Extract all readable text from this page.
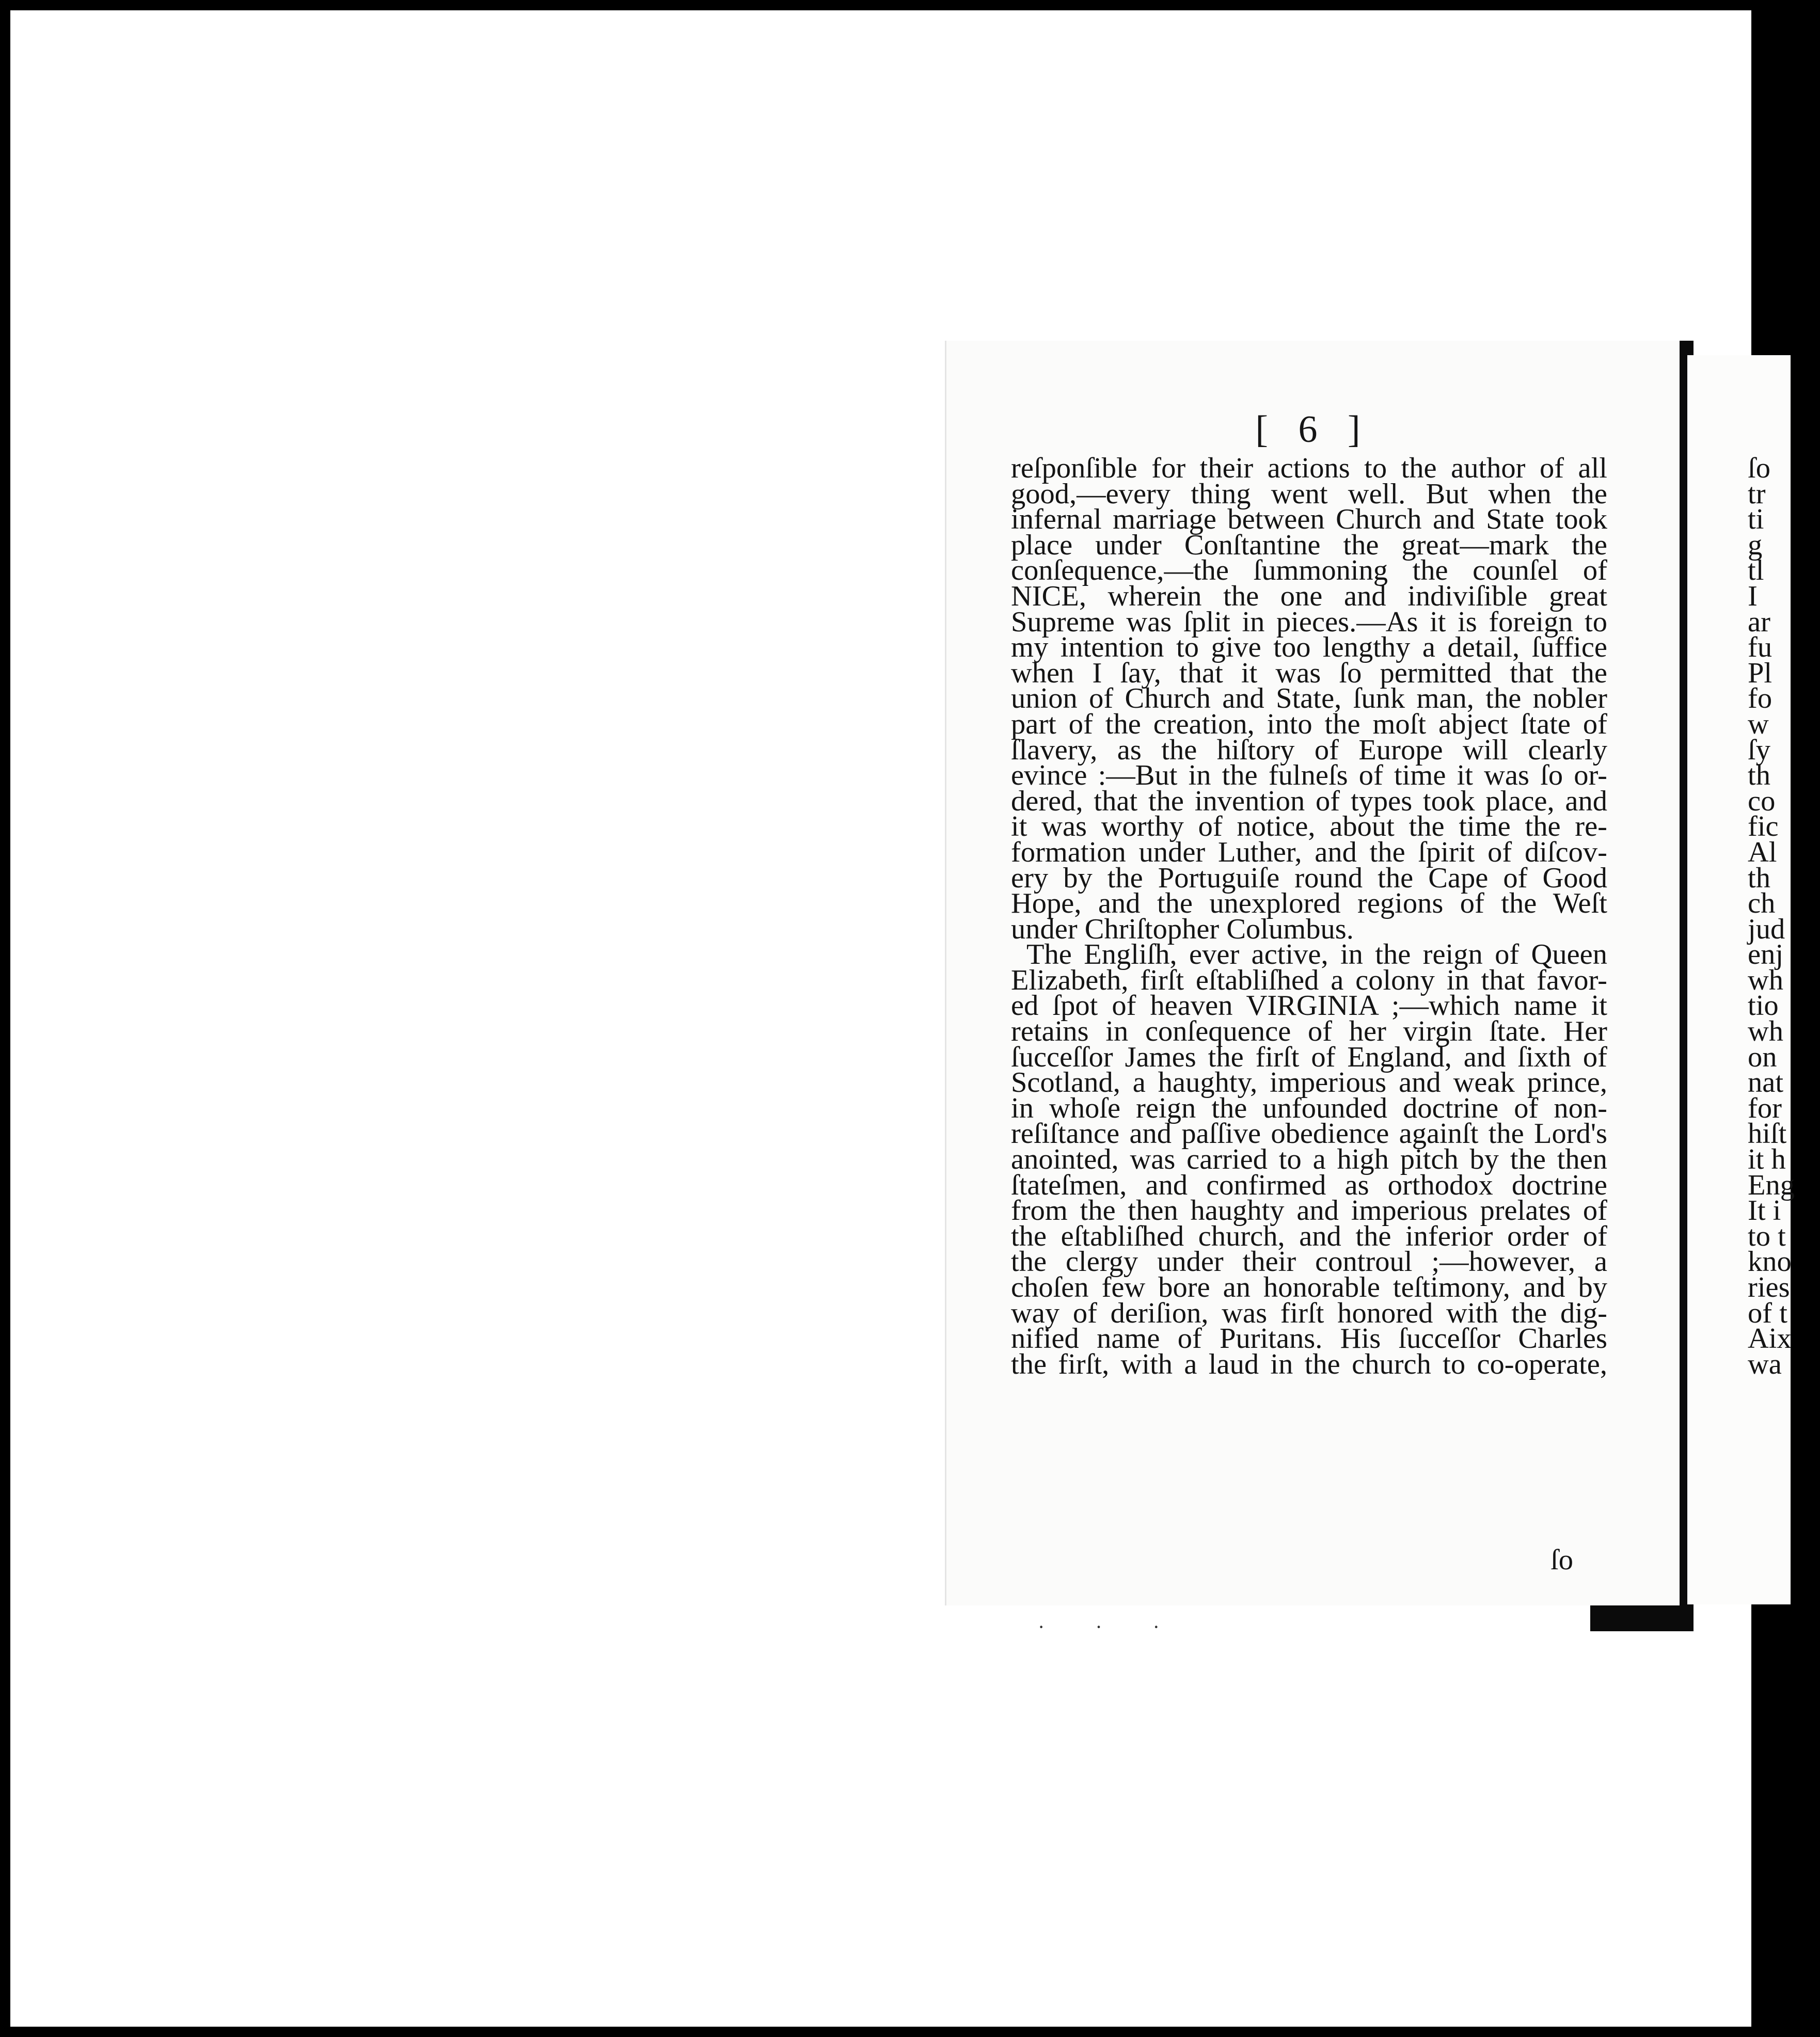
[ 6 ]
reſponſible for their actions to the author of all
good,—every thing went well. But when the
infernal marriage between Church and State took
place under Conſtantine the great—mark the
conſequence,—the ſummoning the counſel of
NICE, wherein the one and indiviſible great
Supreme was ſplit in pieces.—As it is foreign to
my intention to give too lengthy a detail, ſuffice
when I ſay, that it was ſo permitted that the
union of Church and State, ſunk man, the nobler
part of the creation, into the moſt abject ſtate of
ſlavery, as the hiſtory of Europe will clearly
evince :—But in the fulneſs of time it was ſo or-
dered, that the invention of types took place, and
it was worthy of notice, about the time the re-
formation under Luther, and the ſpirit of diſcov-
ery by the Portuguiſe round the Cape of Good
Hope, and the unexplored regions of the Weſt
under Chriſtopher Columbus.
The Engliſh, ever active, in the reign of Queen
Elizabeth, firſt eſtabliſhed a colony in that favor-
ed ſpot of heaven VIRGINIA ;—which name it
retains in conſequence of her virgin ſtate. Her
ſucceſſor James the firſt of England, and ſixth of
Scotland, a haughty, imperious and weak prince,
in whoſe reign the unfounded doctrine of non-
reſiſtance and paſſive obedience againſt the Lord's
anointed, was carried to a high pitch by the then
ſtateſmen, and confirmed as orthodox doctrine
from the then haughty and imperious prelates of
the eſtabliſhed church, and the inferior order of
the clergy under their controul ;—however, a
choſen few bore an honorable teſtimony, and by
way of deriſion, was firſt honored with the dig-
nified name of Puritans. His ſucceſſor Charles
the firſt, with a laud in the church to co-operate,
ſo
ſo
tr
ti
g
tl
I
ar
fu
Pl
fo
w
ſy
th
co
fic
Al
th
ch
jud
enj
wh
tio
wh
on
nat
for
hiſt
it h
Eng
It i
to t
kno
ries
of t
Aix
wa
· · ·
